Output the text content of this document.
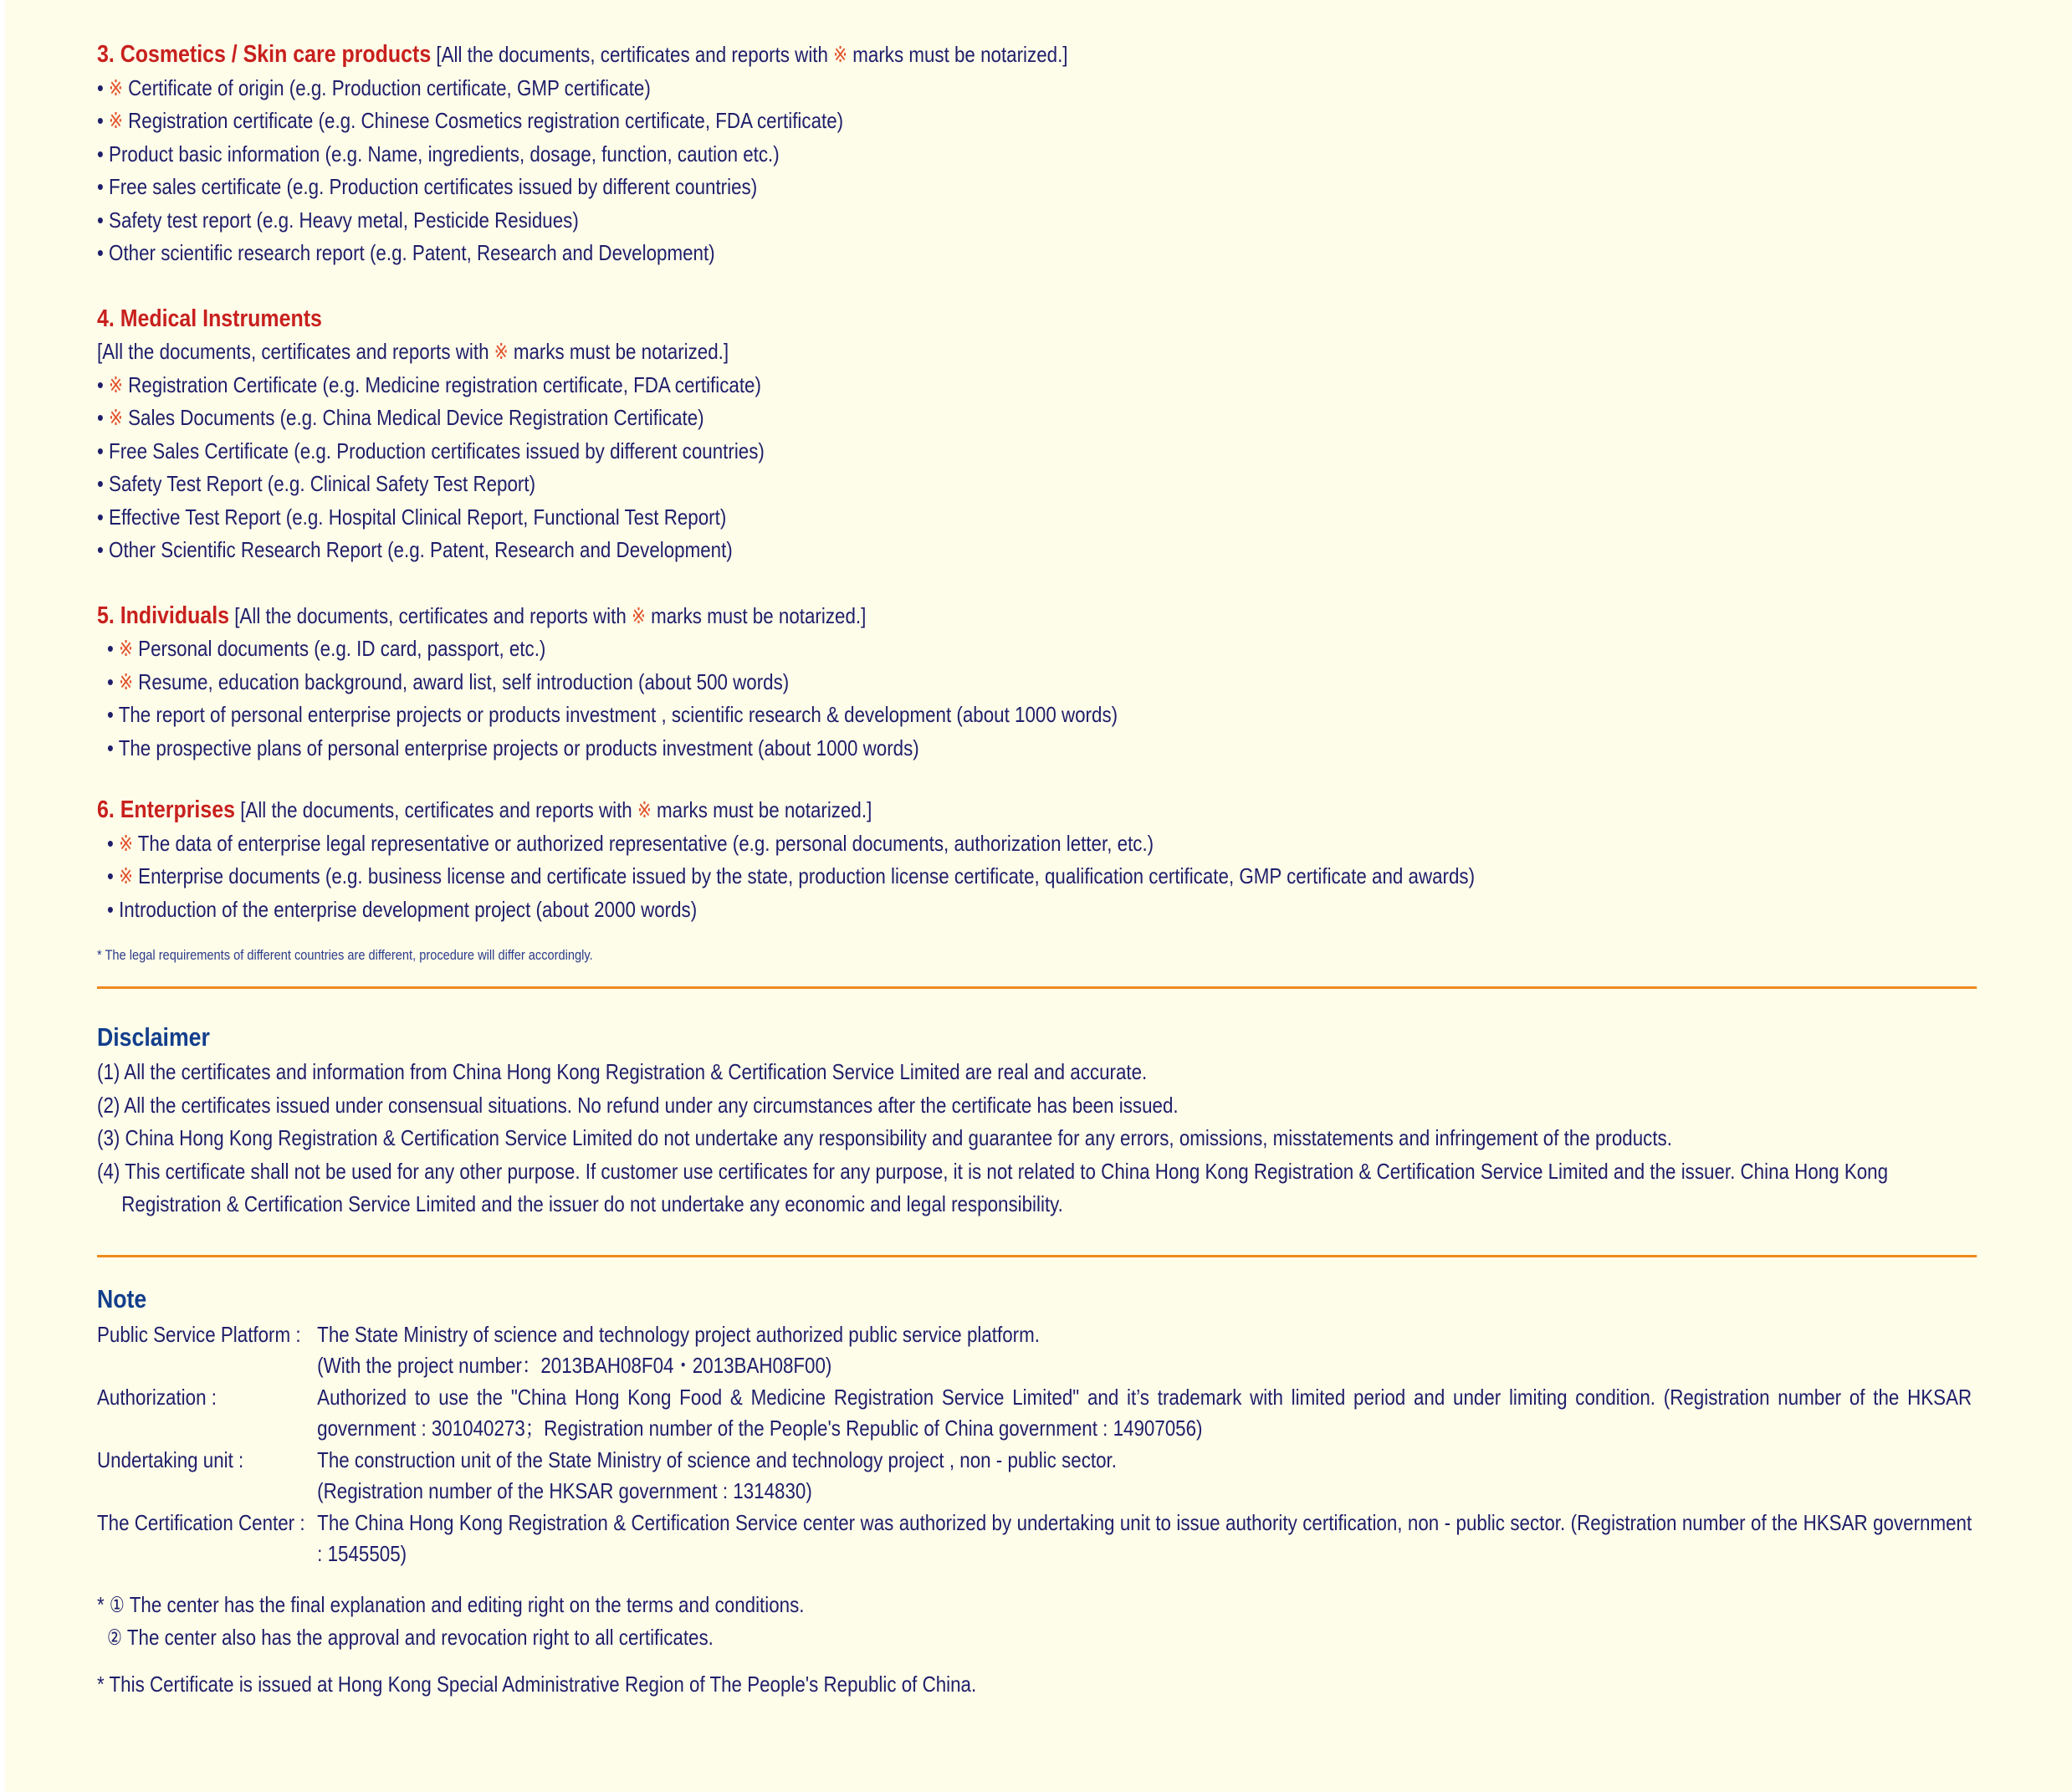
3. Cosmetics / Skin care products [All the documents, certificates and reports with ※ marks must be notarized.]
• ※ Certificate of origin (e.g. Production certificate, GMP certificate)
• ※ Registration certificate (e.g. Chinese Cosmetics registration certificate, FDA certificate)
• Product basic information (e.g. Name, ingredients, dosage, function, caution etc.)
• Free sales certificate (e.g. Production certificates issued by different countries)
• Safety test report (e.g. Heavy metal, Pesticide Residues)
• Other scientific research report (e.g. Patent, Research and Development)
4. Medical Instruments
[All the documents, certificates and reports with ※ marks must be notarized.]
• ※ Registration Certificate (e.g. Medicine registration certificate, FDA certificate)
• ※ Sales Documents (e.g. China Medical Device Registration Certificate)
• Free Sales Certificate (e.g. Production certificates issued by different countries)
• Safety Test Report (e.g. Clinical Safety Test Report)
• Effective Test Report (e.g. Hospital Clinical Report, Functional Test Report)
• Other Scientific Research Report (e.g. Patent, Research and Development)
5. Individuals [All the documents, certificates and reports with ※ marks must be notarized.]
• ※ Personal documents (e.g. ID card, passport, etc.)
• ※ Resume, education background, award list, self introduction (about 500 words)
• The report of personal enterprise projects or products investment , scientific research & development (about 1000 words)
• The prospective plans of personal enterprise projects or products investment (about 1000 words)
6. Enterprises [All the documents, certificates and reports with ※ marks must be notarized.]
• ※ The data of enterprise legal representative or authorized representative (e.g. personal documents, authorization letter, etc.)
• ※ Enterprise documents (e.g. business license and certificate issued by the state, production license certificate, qualification certificate, GMP certificate and awards)
• Introduction of the enterprise development project (about 2000 words)
* The legal requirements of different countries are different, procedure will differ accordingly.
Disclaimer

(1) All the certificates and information from China Hong Kong Registration & Certification Service Limited are real and accurate.

(2) All the certificates issued under consensual situations. No refund under any circumstances after the certificate has been issued.

(3) China Hong Kong Registration & Certification Service Limited do not undertake any responsibility and guarantee for any errors, omissions, misstatements and infringement of the products.

(4) This certificate shall not be used for any other purpose. If customer use certificates for any purpose, it is not related to China Hong Kong Registration & Certification Service Limited and the issuer. China Hong Kong

Registration & Certification Service Limited and the issuer do not undertake any economic and legal responsibility.

Note
Public Service Platform :	The State Ministry of science and technology project authorized public service platform.
(With the project number：2013BAH08F04・2013BAH08F00)

Authorization :	Authorized to use the "China Hong Kong Food & Medicine Registration Service Limited" and it’s trademark with limited period and under limiting condition. (Registration number of the HKSAR government : 301040273；Registration number of the People's Republic of China government : 14907056)

Undertaking unit :	The construction unit of the State Ministry of science and technology project , non - public sector.
(Registration number of the HKSAR government : 1314830)

The Certification Center :	The China Hong Kong Registration & Certification Service center was authorized by undertaking unit to issue authority certification, non - public sector. (Registration number of the HKSAR government : 1545505)
* ① The center has the final explanation and editing right on the terms and conditions.
② The center also has the approval and revocation right to all certificates.
* This Certificate is issued at Hong Kong Special Administrative Region of The People's Republic of China.
